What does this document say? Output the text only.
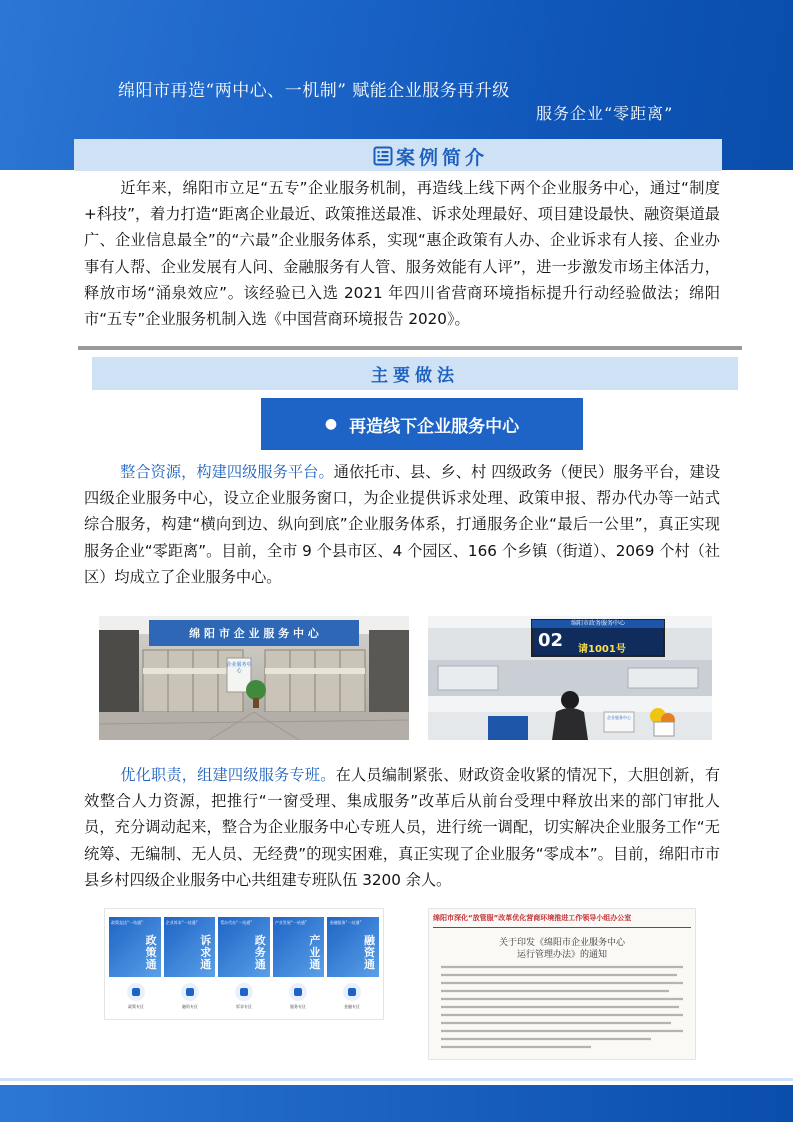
绵阳市再造“两中心、一机制” 赋能企业服务再升级
服务企业“零距离”
案例简介
近年来，绵阳市立足“五专”企业服务机制，再造线上线下两个企业服务中心，通过“制度+科技”，着力打造“距离企业最近、政策推送最准、诉求处理最好、项目建设最快、融资渠道最广、企业信息最全”的“六最”企业服务体系，实现“惠企政策有人办、企业诉求有人接、企业办事有人帮、企业发展有人问、金融服务有人管、服务效能有人评”，进一步激发市场主体活力，释放市场“涌泉效应”。该经验已入选 2021 年四川省营商环境指标提升行动经验做法；绵阳市“五专”企业服务机制入选《中国营商环境报告 2020》。
主要做法
● 再造线下企业服务中心
整合资源，构建四级服务平台。通依托市、县、乡、村 四级政务（便民）服务平台，建设四级企业服务中心，设立企业服务窗口，为企业提供诉求处理、政策申报、帮办代办等一站式综合服务，构建“横向到边、纵向到底”企业服务体系，打通服务企业“最后一公里”，真正实现服务企业“零距离”。目前，全市 9 个县市区、4 个园区、166 个乡镇（街道）、2069 个村（社区）均成立了企业服务中心。
绵 阳 市 企 业 服 务 中 心
企业服务中心
绵阳市政务服务中心
02 请1001号
企业服务中心
优化职责，组建四级服务专班。在人员编制紧张、财政资金收紧的情况下，大胆创新，有效整合人力资源，把推行“一窗受理、集成服务”改革后从前台受理中释放出来的部门审批人员，充分调动起来，整合为企业服务中心专班人员，进行统一调配，切实解决企业服务工作“无统筹、无编制、无人员、无经费”的现实困难，真正实现了企业服务“零成本”。目前，绵阳市市县乡村四级企业服务中心共组建专班队伍 3200 余人。
政策直达“一站通”
政策通
企业诉求“一站通”
诉求通
帮办代办“一站通”
政务通
产业发展“一站通”
产业通
金融服务“一站通”
融资通
政策专区	融资专区	诉求专区	服务专区	金融专区
绵阳市深化“放管服”改革优化营商环境推进工作领导小组办公室
关于印发《绵阳市企业服务中心
运行管理办法》的通知
